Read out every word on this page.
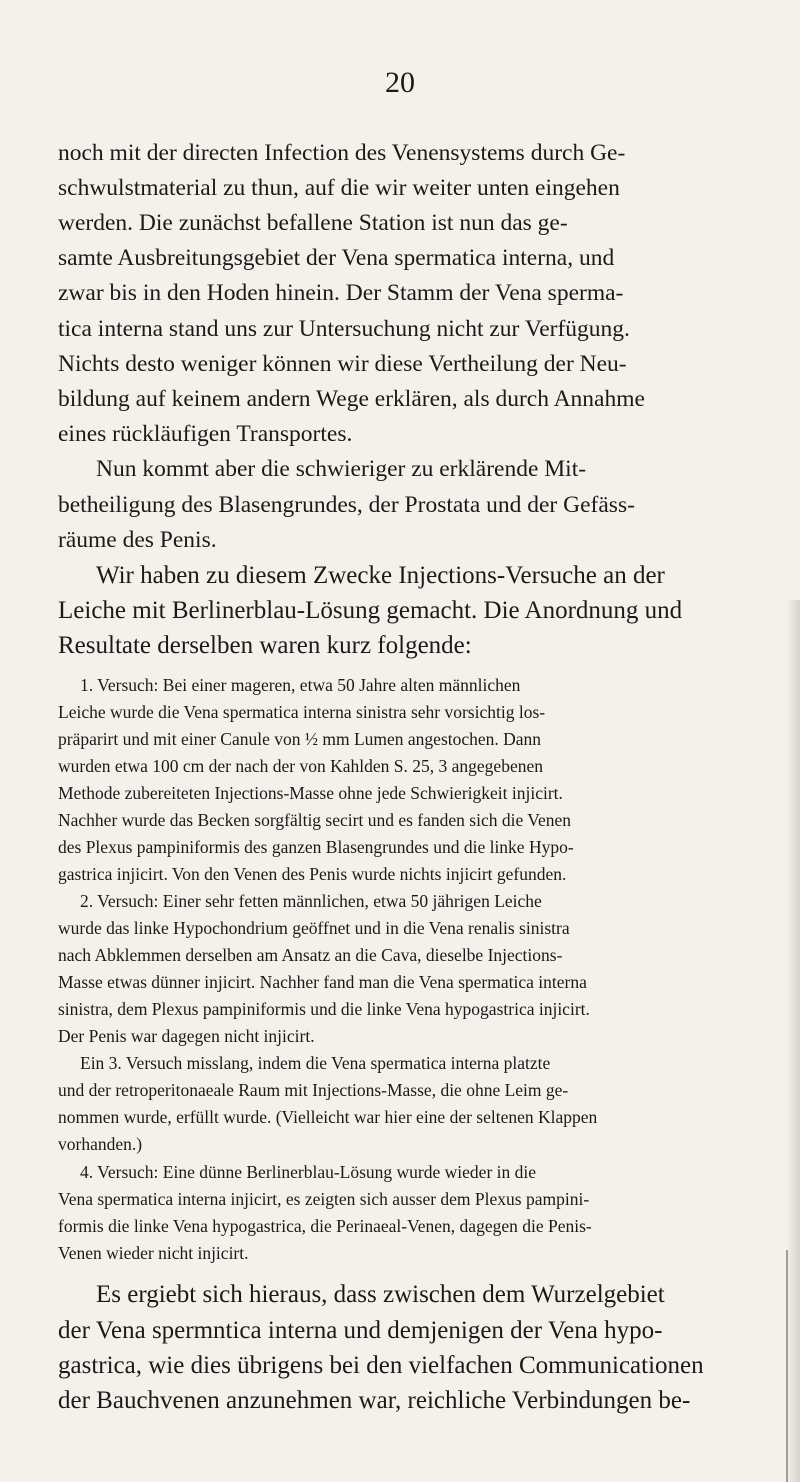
20
noch mit der directen Infection des Venensystems durch Ge-
schwulstmaterial zu thun, auf die wir weiter unten eingehen
werden. Die zunächst befallene Station ist nun das ge-
samte Ausbreitungsgebiet der Vena spermatica interna, und
zwar bis in den Hoden hinein. Der Stamm der Vena sperma-
tica interna stand uns zur Untersuchung nicht zur Verfügung.
Nichts desto weniger können wir diese Vertheilung der Neu-
bildung auf keinem andern Wege erklären, als durch Annahme
eines rückläufigen Transportes.
Nun kommt aber die schwieriger zu erklärende Mit-
betheiligung des Blasengrundes, der Prostata und der Gefäss-
räume des Penis.
Wir haben zu diesem Zwecke Injections-Versuche an der
Leiche mit Berlinerblau-Lösung gemacht. Die Anordnung und
Resultate derselben waren kurz folgende:
1. Versuch: Bei einer mageren, etwa 50 Jahre alten männlichen
Leiche wurde die Vena spermatica interna sinistra sehr vorsichtig los-
präparirt und mit einer Canule von ½ mm Lumen angestochen. Dann
wurden etwa 100 cm der nach der von Kahlden S. 25, 3 angegebenen
Methode zubereiteten Injections-Masse ohne jede Schwierigkeit injicirt.
Nachher wurde das Becken sorgfältig secirt und es fanden sich die Venen
des Plexus pampiniformis des ganzen Blasengrundes und die linke Hypo-
gastrica injicirt. Von den Venen des Penis wurde nichts injicirt gefunden.
2. Versuch: Einer sehr fetten männlichen, etwa 50 jährigen Leiche
wurde das linke Hypochondrium geöffnet und in die Vena renalis sinistra
nach Abklemmen derselben am Ansatz an die Cava, dieselbe Injections-
Masse etwas dünner injicirt. Nachher fand man die Vena spermatica interna
sinistra, dem Plexus pampiniformis und die linke Vena hypogastrica injicirt.
Der Penis war dagegen nicht injicirt.
Ein 3. Versuch misslang, indem die Vena spermatica interna platzte
und der retroperitonaeale Raum mit Injections-Masse, die ohne Leim ge-
nommen wurde, erfüllt wurde. (Vielleicht war hier eine der seltenen Klappen
vorhanden.)
4. Versuch: Eine dünne Berlinerblau-Lösung wurde wieder in die
Vena spermatica interna injicirt, es zeigten sich ausser dem Plexus pampini-
formis die linke Vena hypogastrica, die Perinaeal-Venen, dagegen die Penis-
Venen wieder nicht injicirt.
Es ergiebt sich hieraus, dass zwischen dem Wurzelgebiet
der Vena spermntica interna und demjenigen der Vena hypo-
gastrica, wie dies übrigens bei den vielfachen Communicationen
der Bauchvenen anzunehmen war, reichliche Verbindungen be-
